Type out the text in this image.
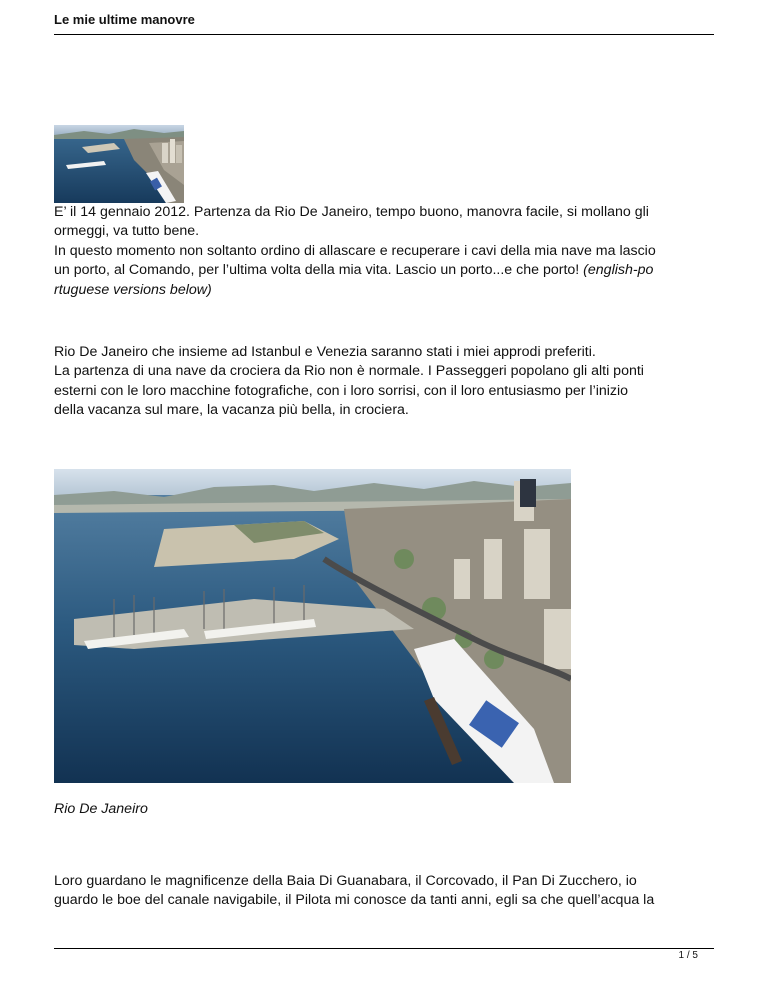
Le mie ultime manovre
E’ il 14 gennaio 2012. Partenza da Rio De Janeiro, tempo buono, manovra facile, si mollano gli
ormeggi, va tutto bene.
In questo momento non soltanto ordino di allascare e recuperare i cavi della mia nave ma lascio
un porto, al Comando, per l’ultima volta della mia vita. Lascio un porto...e che porto! (english-po
rtuguese versions below)
Rio De Janeiro che insieme ad Istanbul e Venezia saranno stati i miei approdi preferiti.
La partenza di una nave da crociera da Rio non è normale. I Passeggeri popolano gli alti ponti
esterni con le loro macchine fotografiche, con i loro sorrisi, con il loro entusiasmo per l’inizio
della vacanza sul mare, la vacanza più bella, in crociera.
Rio De Janeiro
Loro guardano le magnificenze della Baia Di Guanabara, il Corcovado, il Pan Di Zucchero, io
guardo le boe del canale navigabile, il Pilota mi conosce da tanti anni, egli sa che quell’acqua la
1 / 5
